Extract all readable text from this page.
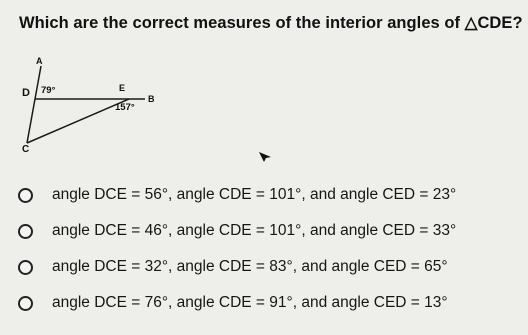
Which are the correct measures of the interior angles of △CDE?
A
D	E
B
C
79°
157°
angle DCE = 56°, angle CDE = 101°, and angle CED = 23°
angle DCE = 46°, angle CDE = 101°, and angle CED = 33°
angle DCE = 32°, angle CDE = 83°, and angle CED = 65°
angle DCE = 76°, angle CDE = 91°, and angle CED = 13°
